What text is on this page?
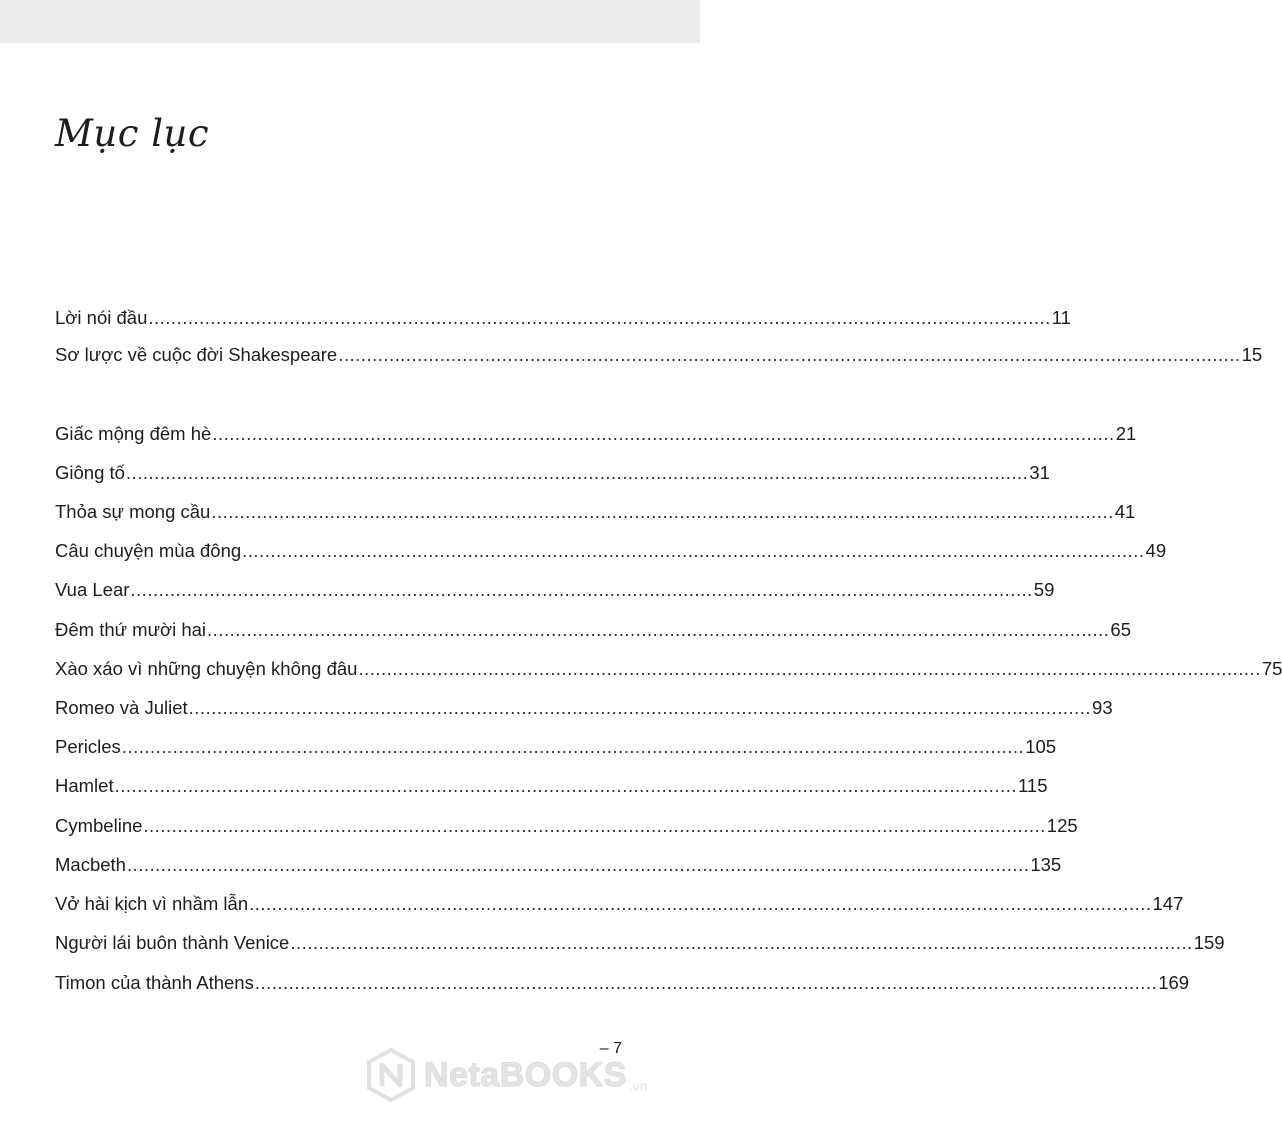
Mục lục
Lời nói đầu ................................................................................................................................................................ 11
Sơ lược về cuộc đời Shakespeare ................................................................................................................................................................ 15
Giấc mộng đêm hè ................................................................................................................................................................ 21
Giông tố ................................................................................................................................................................ 31
Thỏa sự mong cầu ................................................................................................................................................................ 41
Câu chuyện mùa đông ................................................................................................................................................................ 49
Vua Lear ................................................................................................................................................................ 59
Đêm thứ mười hai ................................................................................................................................................................ 65
Xào xáo vì những chuyện không đâu ................................................................................................................................................................ 75
Romeo và Juliet ................................................................................................................................................................ 93
Pericles ................................................................................................................................................................ 105
Hamlet ................................................................................................................................................................ 115
Cymbeline ................................................................................................................................................................ 125
Macbeth ................................................................................................................................................................ 135
Vở hài kịch vì nhầm lẫn ................................................................................................................................................................ 147
Người lái buôn thành Venice ................................................................................................................................................................ 159
Timon của thành Athens ................................................................................................................................................................ 169
– 7
NetaBOOKS .vn
